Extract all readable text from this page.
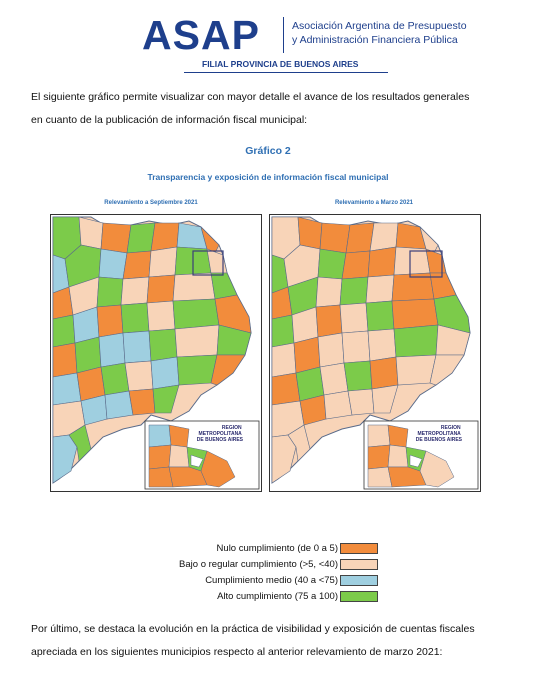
ASAP	Asociación Argentina de Presupuesto
y Administración Financiera Pública
FILIAL PROVINCIA DE BUENOS AIRES
El siguiente gráfico permite visualizar con mayor detalle el avance de los resultados generales
en cuanto de la publicación de información fiscal municipal:
Gráfico 2
Transparencia y exposición de información fiscal municipal
Relevamiento a Septiembre 2021	Relevamiento a Marzo 2021
REGION METROPOLITANA DE BUENOS AIRES
REGION METROPOLITANA DE BUENOS AIRES
Nulo cumplimiento (de 0 a 5)
Bajo o regular cumplimiento (>5, <40)
Cumplimiento medio (40 a <75)
Alto cumplimiento (75 a 100)
Por último, se destaca la evolución en la práctica de visibilidad y exposición de cuentas fiscales
apreciada en los siguientes municipios respecto al anterior relevamiento de marzo 2021:
